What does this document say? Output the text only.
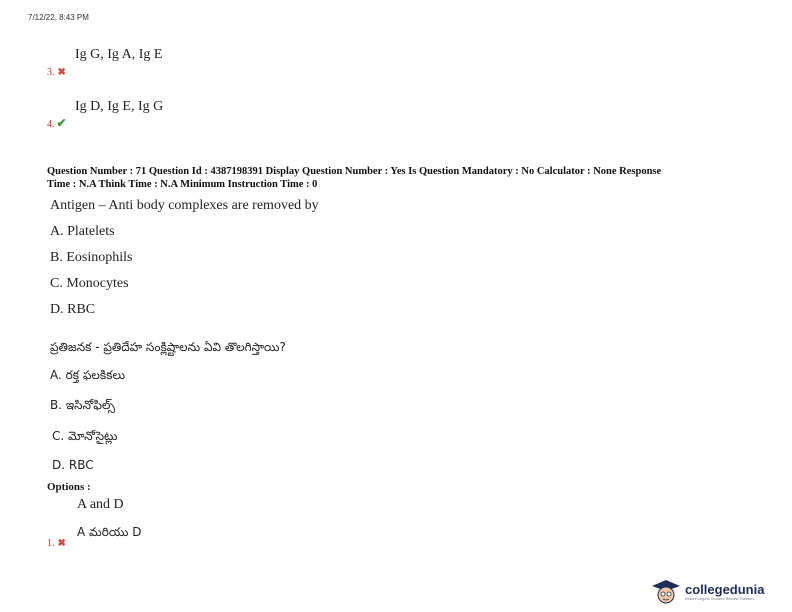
7/12/22, 8:43 PM
Ig G, Ig A, Ig E
3. ✖
Ig D, Ig E, Ig G
4. ✔
Question Number : 71 Question Id : 4387198391 Display Question Number : Yes Is Question Mandatory : No Calculator : None Response
Time : N.A Think Time : N.A Minimum Instruction Time : 0
Antigen – Anti body complexes are removed by
A. Platelets
B. Eosinophils
C. Monocytes
D. RBC
ప్రతిజనక - ప్రతిదేహ సంక్లిష్టాలను ఏవి తొలగిస్తాయి?
A. రక్త ఫలకికలు
B. ఇసినోఫిల్స్
C. మోనోసైట్లు
D. RBC
Options :
A and D
A మరియు D
1. ✖
collegedunia
India's largest Student Review Platform
